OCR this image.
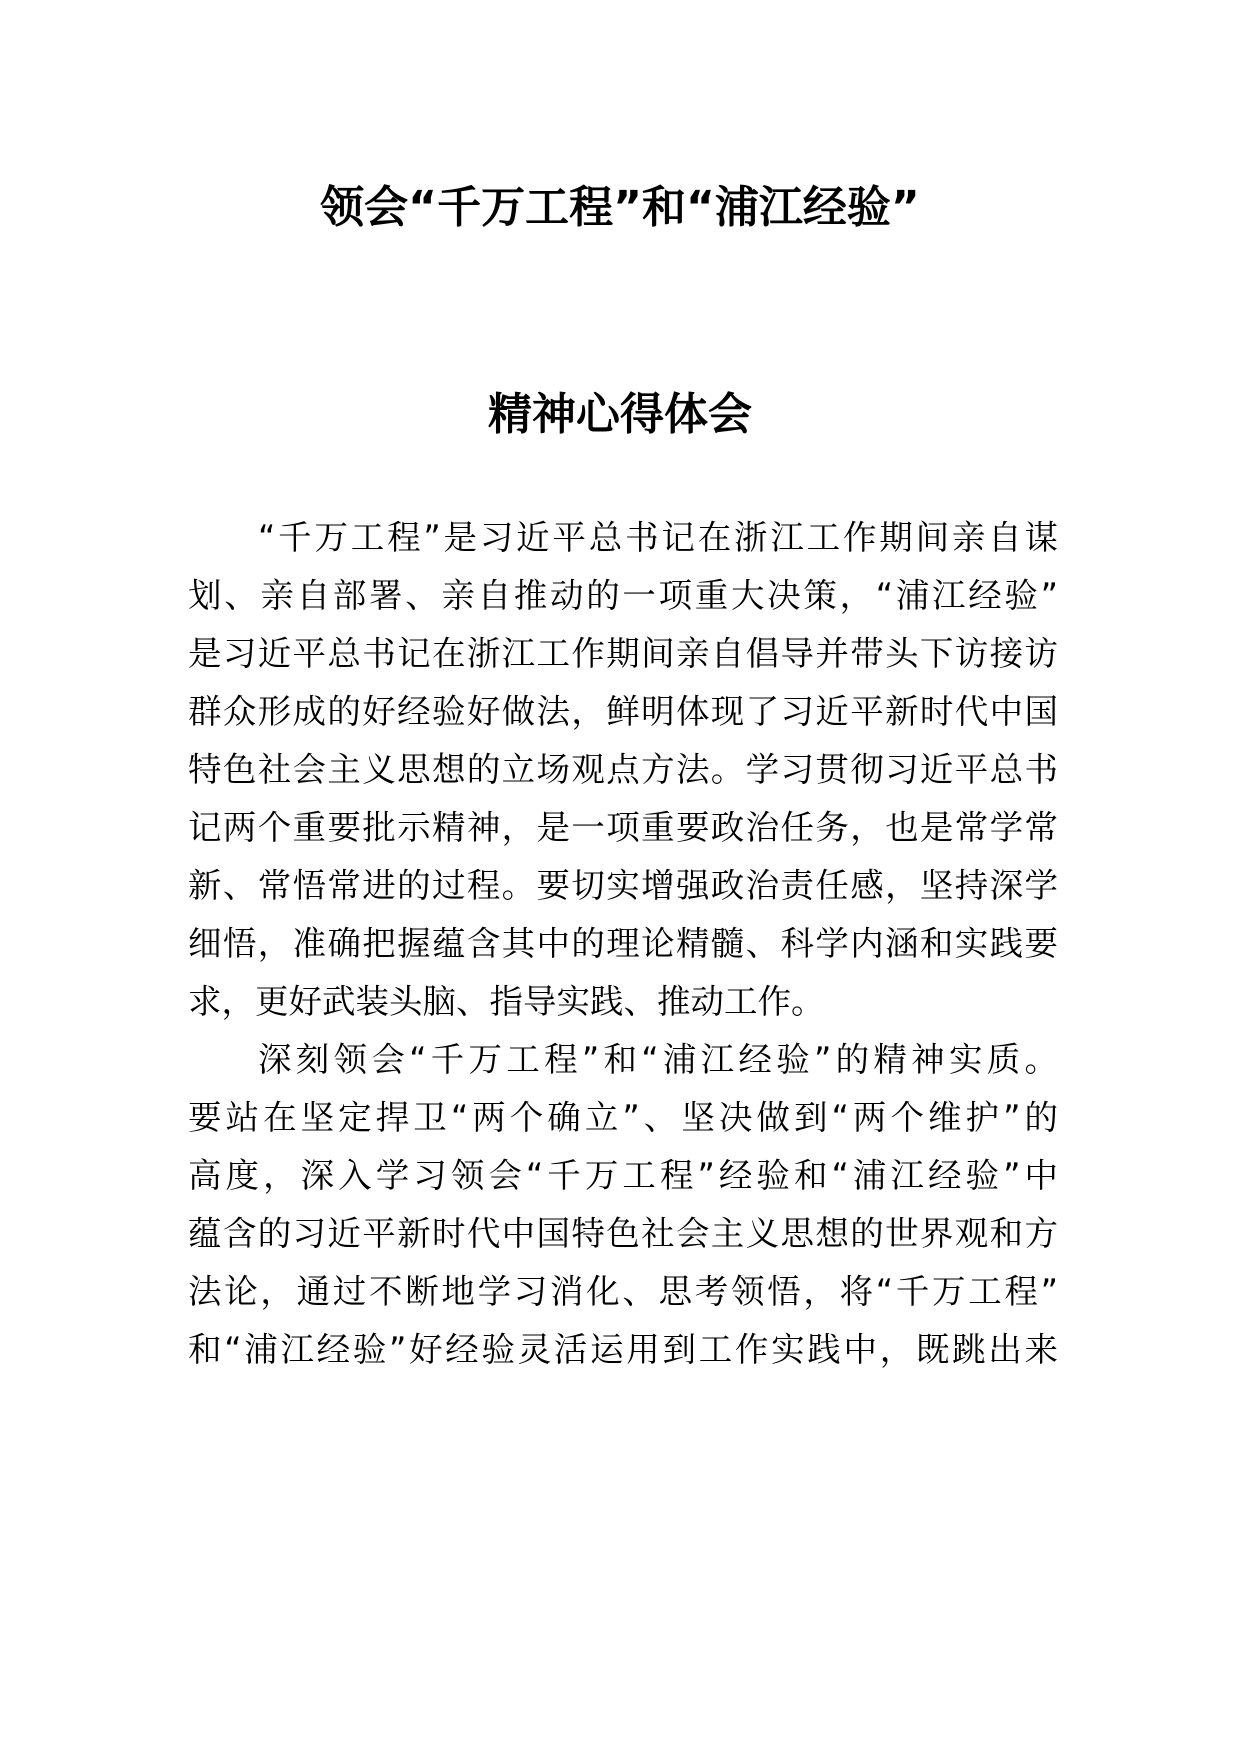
领会“千万工程”和“浦江经验”
精神心得体会
“千万工程”是习近平总书记在浙江工作期间亲自谋
划、亲自部署、亲自推动的一项重大决策，“浦江经验”
是习近平总书记在浙江工作期间亲自倡导并带头下访接访
群众形成的好经验好做法，鲜明体现了习近平新时代中国
特色社会主义思想的立场观点方法。学习贯彻习近平总书
记两个重要批示精神，是一项重要政治任务，也是常学常
新、常悟常进的过程。要切实增强政治责任感，坚持深学
细悟，准确把握蕴含其中的理论精髓、科学内涵和实践要
求，更好武装头脑、指导实践、推动工作。
深刻领会“千万工程”和“浦江经验”的精神实质。
要站在坚定捍卫“两个确立”、坚决做到“两个维护”的
高度，深入学习领会“千万工程”经验和“浦江经验”中
蕴含的习近平新时代中国特色社会主义思想的世界观和方
法论，通过不断地学习消化、思考领悟，将“千万工程”
和“浦江经验”好经验灵活运用到工作实践中，既跳出来
